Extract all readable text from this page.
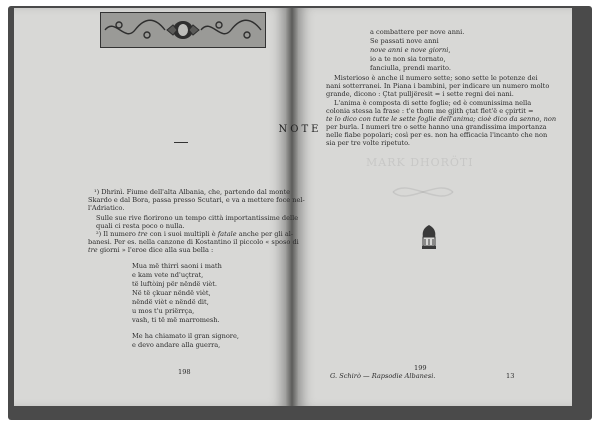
NOTE
¹) Dhrinì. Fiume dell'alta Albania, che, partendo dal monte
Skardo e dal Bora, passa presso Scutari, e va a mettere foce nel-
l'Adriatico.
Sulle sue rive fiorirono un tempo città importantissime delle
quali ci resta poco o nulla.
²) Il numero tre con i suoi multipli è fatale anche per gli al-
banesi. Per es. nella canzone di Kostantino il piccolo « sposo di
tre giorni » l'eroe dice alla sua bella :
Mua më thirrì saoni i math
e kam vete nd'uçtrat,
të luftòinj për nëndë vièt.
Në të çkuar nëndë vièt,
nëndë vièt e nëndë dit,
u mos t'u priërrça,
vash, ti të më marromesh.
Me ha chiamato il gran signore,
e devo andare alla guerra,
198
a combattere per nove anni.
Se passati nove anni
nove anni e nove giorni,
io a te non sia tornato,
fanciulla, prendi marito.
Misterioso è anche il numero sette; sono sette le potenze dei
nani sotterranei. In Piana i bambini, per indicare un numero molto
grande, dicono : Çtat pulljëresit = i sette regni dei nani.
L'anima è composta di sette foglie; ed è comunissima nella
colonia stessa la frase : t'e thom me gjith çtat flet'ë e çpirtit =
te lo dico con tutte le sette foglie dell'anima; cioè dico da senno, non
per burla. I numeri tre o sette hanno una grandissima importanza
nelle fiabe popolari; così per es. non ha efficacia l'incanto che non
sia per tre volte ripetuto.
MARK DHORÖTI
199
G. Schirò — Rapsodie Albanesi.	13
